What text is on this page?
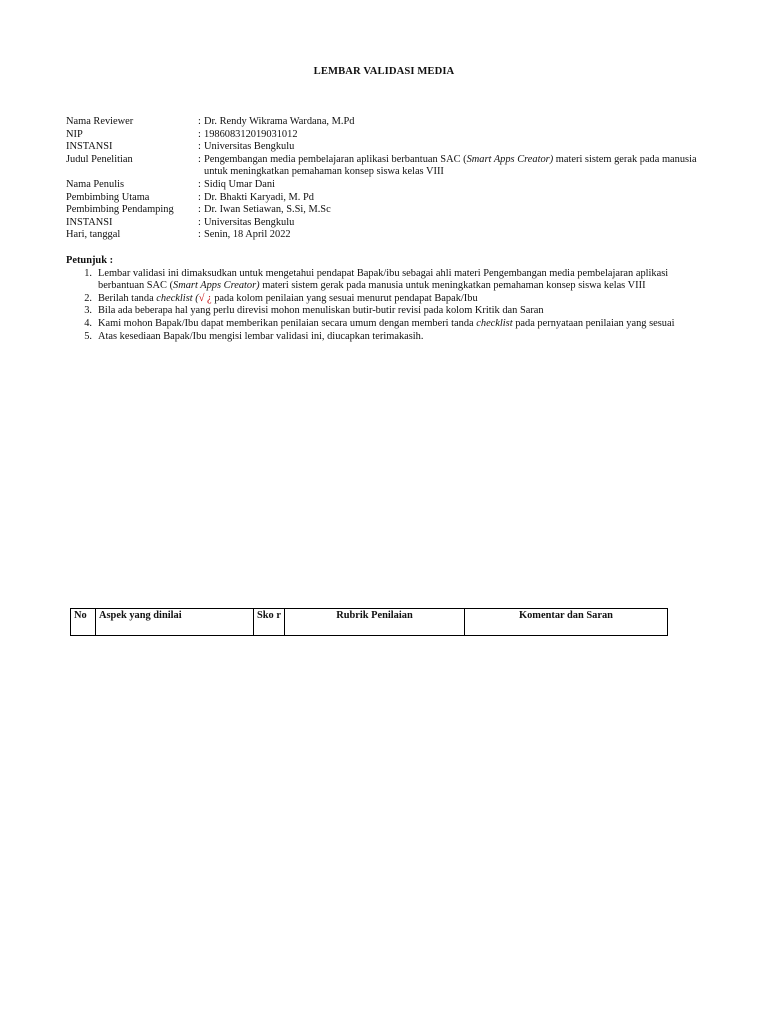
LEMBAR VALIDASI MEDIA
Nama Reviewer	: Dr. Rendy Wikrama Wardana, M.Pd
NIP	: 198608312019031012
INSTANSI	: Universitas Bengkulu
Judul Penelitian	: Pengembangan media pembelajaran aplikasi berbantuan SAC (Smart Apps Creator) materi sistem gerak pada manusia untuk meningkatkan pemahaman konsep siswa kelas VIII
Nama Penulis	: Sidiq Umar Dani
Pembimbing Utama	: Dr. Bhakti Karyadi, M. Pd
Pembimbing Pendamping	: Dr. Iwan Setiawan, S.Si, M.Sc
INSTANSI	: Universitas Bengkulu
Hari, tanggal	: Senin, 18 April 2022
Petunjuk :
1. Lembar validasi ini dimaksudkan untuk mengetahui pendapat Bapak/ibu sebagai ahli materi Pengembangan media pembelajaran aplikasi berbantuan SAC (Smart Apps Creator) materi sistem gerak pada manusia untuk meningkatkan pemahaman konsep siswa kelas VIII
2. Berilah tanda checklist (√ ¿ pada kolom penilaian yang sesuai menurut pendapat Bapak/Ibu
3. Bila ada beberapa hal yang perlu direvisi mohon menuliskan butir-butir revisi pada kolom Kritik dan Saran
4. Kami mohon Bapak/Ibu dapat memberikan penilaian secara umum dengan memberi tanda checklist pada pernyataan penilaian yang sesuai
5. Atas kesediaan Bapak/Ibu mengisi lembar validasi ini, diucapkan terimakasih.
No	Aspek yang dinilai	Sko r	Rubrik Penilaian	Komentar dan Saran
